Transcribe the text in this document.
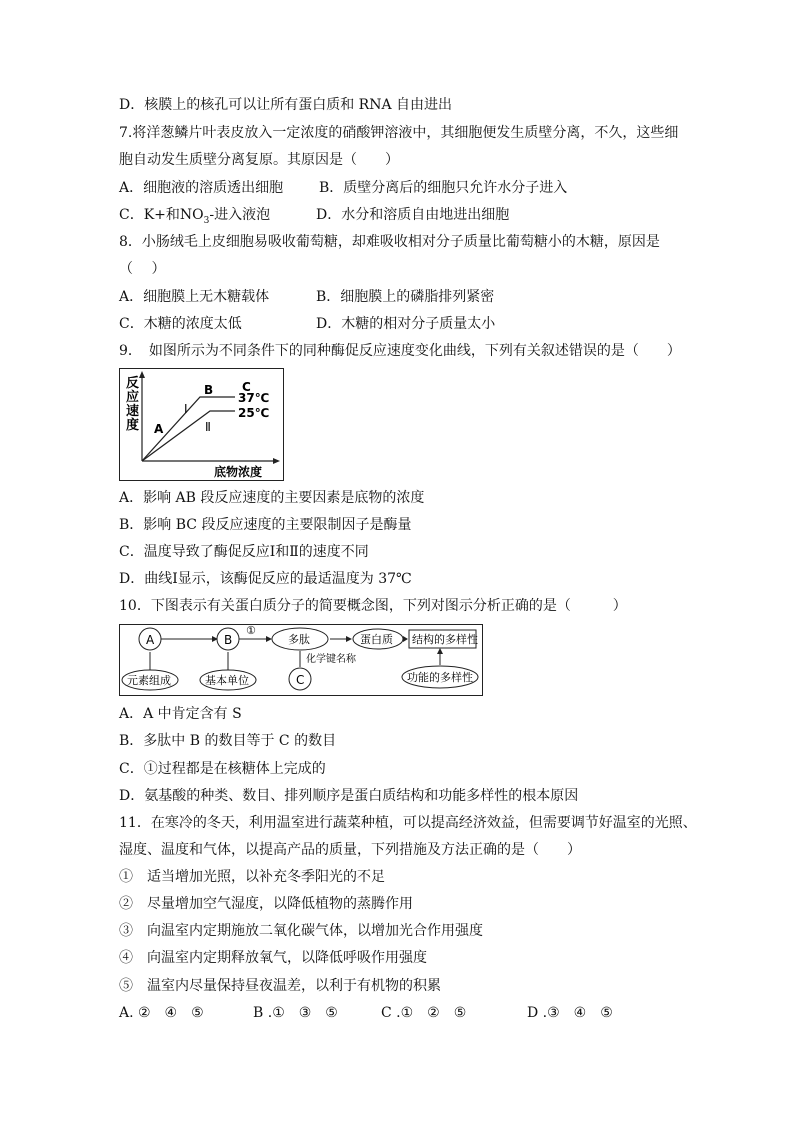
D．核膜上的核孔可以让所有蛋白质和 RNA 自由进出
7.将洋葱鳞片叶表皮放入一定浓度的硝酸钾溶液中，其细胞便发生质壁分离，不久，这些细
胞自动发生质壁分离复原。其原因是（　　）
A．细胞液的溶质透出细胞	B．质壁分离后的细胞只允许水分子进入
C．K+和$NO_3-$进入液泡	D．水分和溶质自由地进出细胞
8．小肠绒毛上皮细胞易吸收葡萄糖，却难吸收相对分子质量比葡萄糖小的木糖，原因是
（　 ）
A．细胞膜上无木糖载体	B．细胞膜上的磷脂排列紧密
C．木糖的浓度太低	D．木糖的相对分子质量太小
9．　如图所示为不同条件下的同种酶促反应速度变化曲线，下列有关叙述错误的是（　　）
反
应
速
度 A
B C
Ⅰ
Ⅱ
37℃
25℃
底物浓度
A．影响 AB 段反应速度的主要因素是底物的浓度
B．影响 BC 段反应速度的主要限制因子是酶量
C．温度导致了酶促反应Ⅰ和Ⅱ的速度不同
D．曲线Ⅰ显示，该酶促反应的最适温度为 37℃
10．下图表示有关蛋白质分子的简要概念图，下列对图示分析正确的是（　　　）
A	B
①
多肽	蛋白质 结构的多样性
化学键名称
元素组成	基本单位	C	功能的多样性
A．A 中肯定含有 S
B．多肽中 B 的数目等于 C 的数目
C．①过程都是在核糖体上完成的
D．氨基酸的种类、数目、排列顺序是蛋白质结构和功能多样性的根本原因
11．在寒冷的冬天，利用温室进行蔬菜种植，可以提高经济效益，但需要调节好温室的光照、
湿度、温度和气体，以提高产品的质量，下列措施及方法正确的是（　　）
①　适当增加光照，以补充冬季阳光的不足
②　尽量增加空气湿度，以降低植物的蒸腾作用
③　向温室内定期施放二氧化碳气体，以增加光合作用强度
④　向温室内定期释放氧气，以降低呼吸作用强度
⑤　温室内尽量保持昼夜温差，以利于有机物的积累
A. ②　④　⑤	B .①　③　⑤	C .①　②　⑤	D .③　④　⑤
